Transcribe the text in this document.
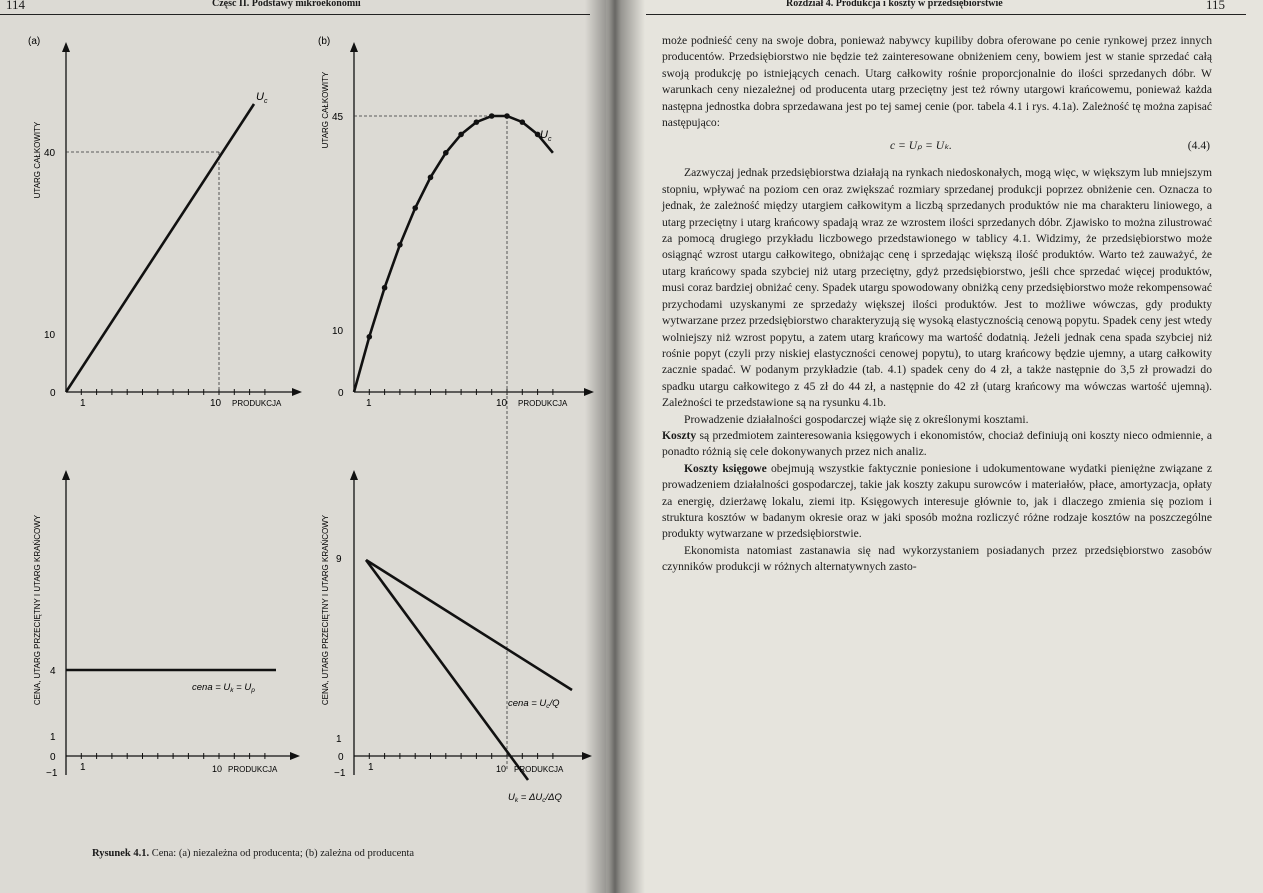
114	Część II. Podstawy mikroekonomii
(a)	(b)
UTARG CAŁKOWITY
UTARG CAŁKOWITY
CENA, UTARG PRZECIĘTNY I UTARG KRAŃCOWY	CENA, UTARG PRZECIĘTNY I UTARG KRAŃCOWY
40
10
0
1	10 PRODUKCJA
45
10
0
1	10 PRODUKCJA
4
1
0
−1
1	10 PRODUKCJA
9
1
0
−1
1	10 PRODUKCJA
$U_c$
$U_c$
cena = $U_k = U_p$
cena = $U_c/Q$
$U_k = \Delta U_c/\Delta Q$
Rysunek 4.1. Cena: (a) niezależna od producenta; (b) zależna od producenta
Rozdział 4. Produkcja i koszty w przedsiębiorstwie	115

może podnieść ceny na swoje dobra, ponieważ nabywcy kupiliby dobra oferowane po cenie rynkowej przez innych producentów. Przedsiębiorstwo nie będzie też zainteresowane obniżeniem ceny, bowiem jest w stanie sprzedać całą swoją produkcję po istniejących cenach. Utarg całkowity rośnie proporcjonalnie do ilości sprzedanych dóbr. W warunkach ceny niezależnej od producenta utarg przeciętny jest też równy utargowi krańcowemu, ponieważ każda następna jednostka dobra sprzedawana jest po tej samej cenie (por. tabela 4.1 i rys. 4.1a). Zależność tę można zapisać następująco:

c = Uₚ = Uₖ.	(4.4)

Zazwyczaj jednak przedsiębiorstwa działają na rynkach niedoskonałych, mogą więc, w większym lub mniejszym stopniu, wpływać na poziom cen oraz zwiększać rozmiary sprzedanej produkcji poprzez obniżenie cen. Oznacza to jednak, że zależność między utargiem całkowitym a liczbą sprzedanych produktów nie ma charakteru liniowego, a utarg przeciętny i utarg krańcowy spadają wraz ze wzrostem ilości sprzedanych dóbr. Zjawisko to można zilustrować za pomocą drugiego przykładu liczbowego przedstawionego w tablicy 4.1. Widzimy, że przedsiębiorstwo może osiągnąć wzrost utargu całkowitego, obniżając cenę i sprzedając większą ilość produktów. Warto też zauważyć, że utarg krańcowy spada szybciej niż utarg przeciętny, gdyż przedsiębiorstwo, jeśli chce sprzedać więcej produktów, musi coraz bardziej obniżać ceny. Spadek utargu spowodowany obniżką ceny przedsiębiorstwo może rekompensować przychodami uzyskanymi ze sprzedaży większej ilości produktów. Jest to możliwe wówczas, gdy produkty wytwarzane przez przedsiębiorstwo charakteryzują się wysoką elastycznością cenową popytu. Spadek ceny jest wtedy wolniejszy niż wzrost popytu, a zatem utarg krańcowy ma wartość dodatnią. Jeżeli jednak cena spada szybciej niż rośnie popyt (czyli przy niskiej elastyczności cenowej popytu), to utarg krańcowy będzie ujemny, a utarg całkowity zacznie spadać. W podanym przykładzie (tab. 4.1) spadek ceny do 4 zł, a także następnie do 3,5 zł prowadzi do spadku utargu całkowitego z 45 zł do 44 zł, a następnie do 42 zł (utarg krańcowy ma wówczas wartość ujemną). Zależności te przedstawione są na rysunku 4.1b.

Prowadzenie działalności gospodarczej wiąże się z określonymi kosztami.

Koszty są przedmiotem zainteresowania księgowych i ekonomistów, chociaż definiują oni koszty nieco odmiennie, a ponadto różnią się cele dokonywanych przez nich analiz.

Koszty księgowe obejmują wszystkie faktycznie poniesione i udokumentowane wydatki pieniężne związane z prowadzeniem działalności gospodarczej, takie jak koszty zakupu surowców i materiałów, płace, amortyzacja, opłaty za energię, dzierżawę lokalu, ziemi itp. Księgowych interesuje głównie to, jak i dlaczego zmienia się poziom i struktura kosztów w badanym okresie oraz w jaki sposób można rozliczyć różne rodzaje kosztów na poszczególne produkty wytwarzane w przedsiębiorstwie.

Ekonomista natomiast zastanawia się nad wykorzystaniem posiadanych przez przedsiębiorstwo zasobów czynników produkcji w różnych alternatywnych zasto-
